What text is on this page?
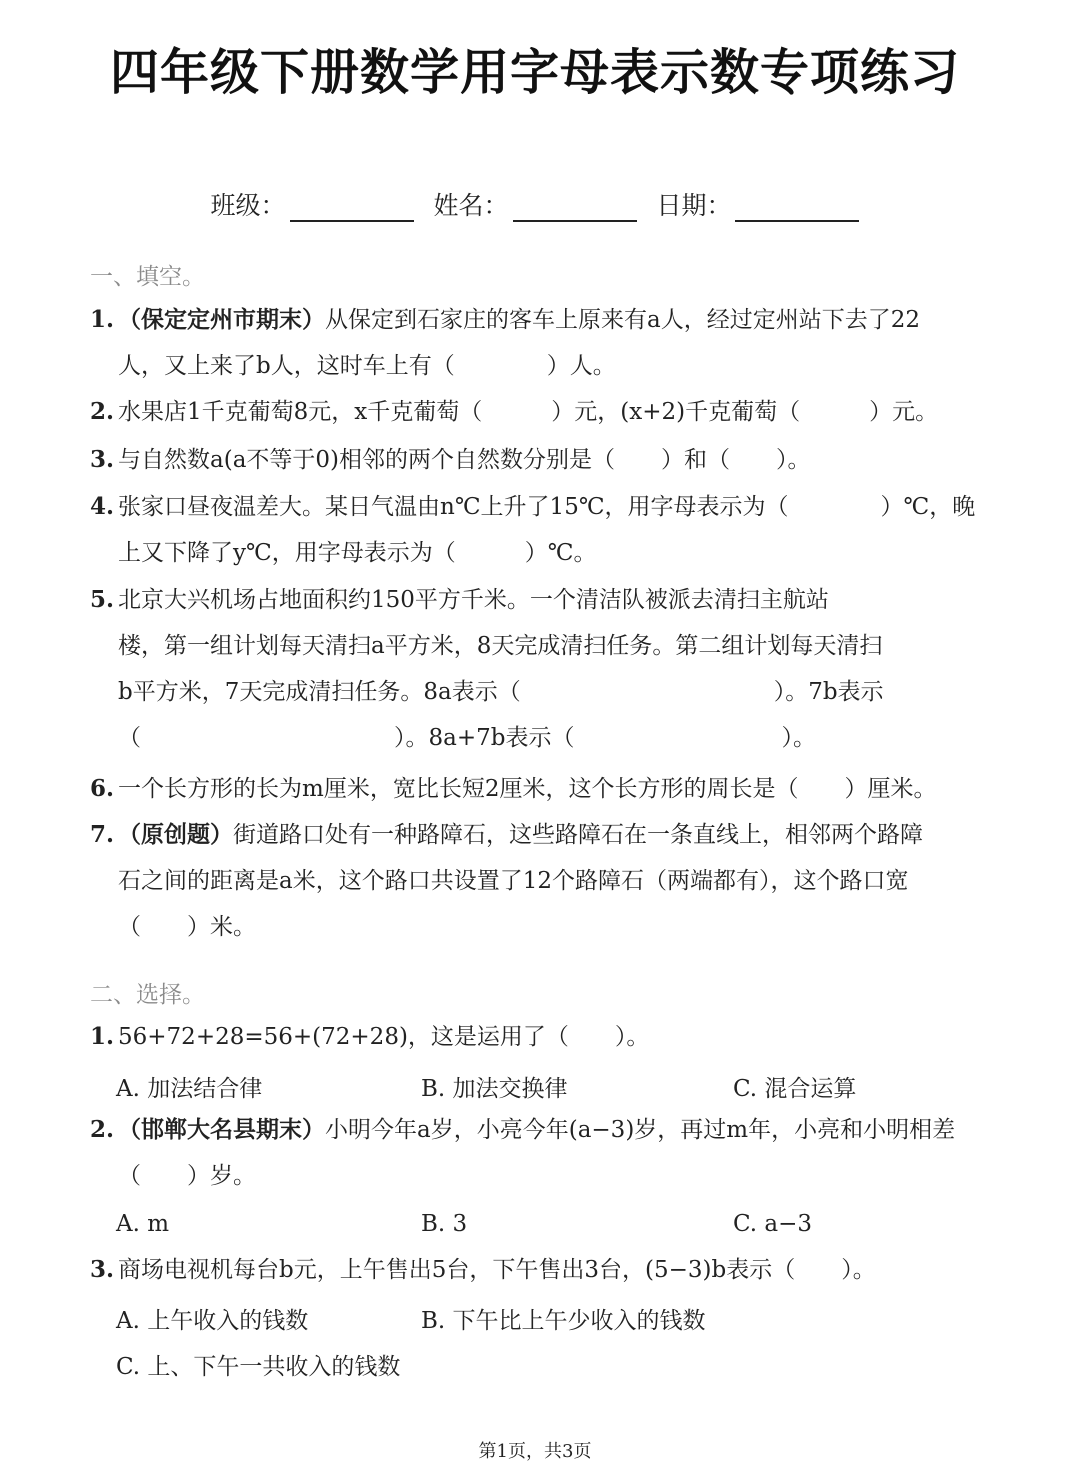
四年级下册数学用字母表示数专项练习
班级：	姓名：	日期：
一、填空。
1. （保定定州市期末）从保定到石家庄的客车上原来有a人，经过定州站下去了22
人，又上来了b人，这时车上有（　　　　）人。
2. 水果店1千克葡萄8元，x千克葡萄（　　　）元，(x+2)千克葡萄（　　　）元。
3. 与自然数a(a不等于0)相邻的两个自然数分别是（　　）和（　　）。
4. 张家口昼夜温差大。某日气温由n℃上升了15℃，用字母表示为（　　　　）℃，晚
上又下降了y℃，用字母表示为（　　　）℃。
5. 北京大兴机场占地面积约150平方千米。一个清洁队被派去清扫主航站
楼，第一组计划每天清扫a平方米，8天完成清扫任务。第二组计划每天清扫
b平方米，7天完成清扫任务。8a表示（　　　　　　　　　　　）。7b表示
（　　　　　　　　　　　）。8a+7b表示（　　　　　　　　　）。
6. 一个长方形的长为m厘米，宽比长短2厘米，这个长方形的周长是（　　）厘米。
7. （原创题）街道路口处有一种路障石，这些路障石在一条直线上，相邻两个路障
石之间的距离是a米，这个路口共设置了12个路障石（两端都有），这个路口宽
（　　）米。
二、选择。
1. 56+72+28=56+(72+28)，这是运用了（　　）。
A. 加法结合律	B. 加法交换律	C. 混合运算
2. （邯郸大名县期末）小明今年a岁，小亮今年(a−3)岁，再过m年，小亮和小明相差
（　　）岁。
A. m	B. 3	C. a−3
3. 商场电视机每台b元，上午售出5台，下午售出3台，(5−3)b表示（　　）。
A. 上午收入的钱数	B. 下午比上午少收入的钱数
C. 上、下午一共收入的钱数
第1页，共3页
